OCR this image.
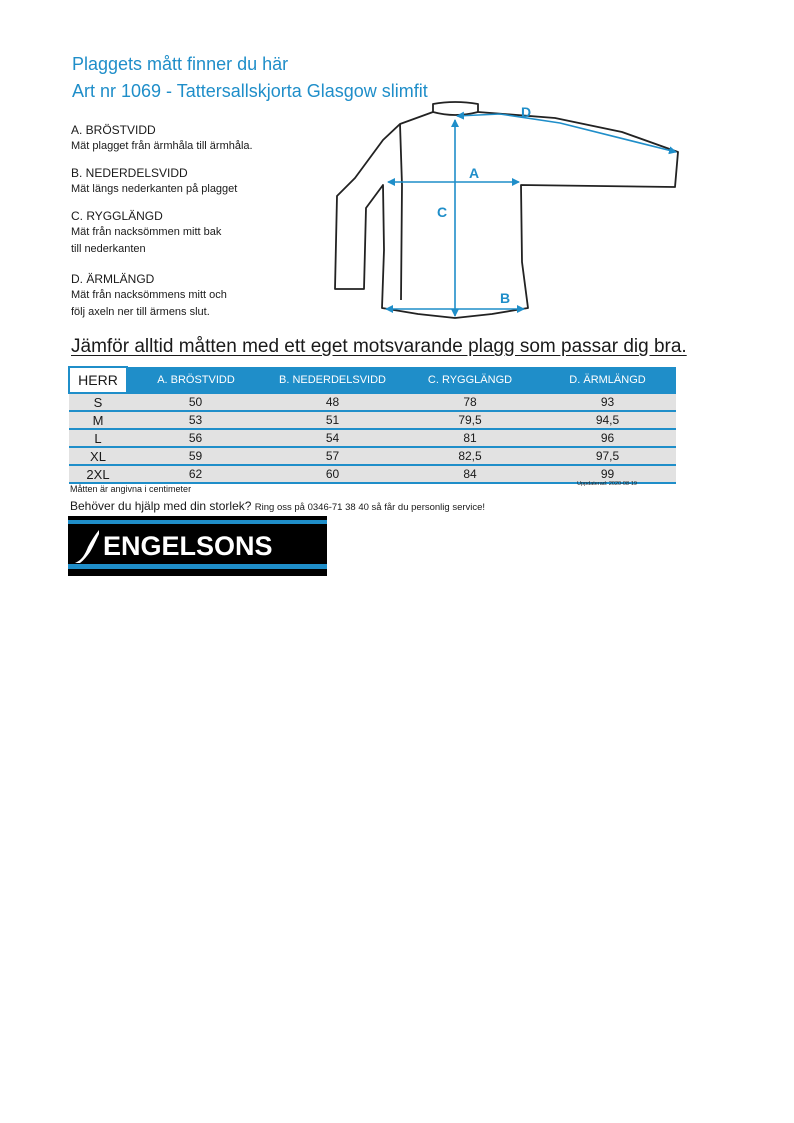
Plaggets mått finner du här
Art nr 1069 - Tattersallskjorta Glasgow slimfit
A. BRÖSTVIDD
Mät plagget från ärmhåla till ärmhåla.
B. NEDERDELSVIDD
Mät längs nederkanten på plagget
C. RYGGLÄNGD
Mät från nacksömmen mitt bak
till nederkanten
D. ÄRMLÄNGD
Mät från nacksömmens mitt och
följ axeln ner till ärmens slut.
A
B
C
D
Jämför alltid måtten med ett eget motsvarande plagg som passar dig bra.
HERR	A. BRÖSTVIDD	B. NEDERDELSVIDD	C. RYGGLÄNGD	D. ÄRMLÄNGD
S	50	48	78	93
M	53	51	79,5	94,5
L	56	54	81	96
XL	59	57	82,5	97,5
2XL	62	60	84	99
Måtten är angivna i centimeter	Uppdaterad: 2020-08-19
Behöver du hjälp med din storlek? Ring oss på 0346-71 38 40 så får du personlig service!
ENGELSONS
